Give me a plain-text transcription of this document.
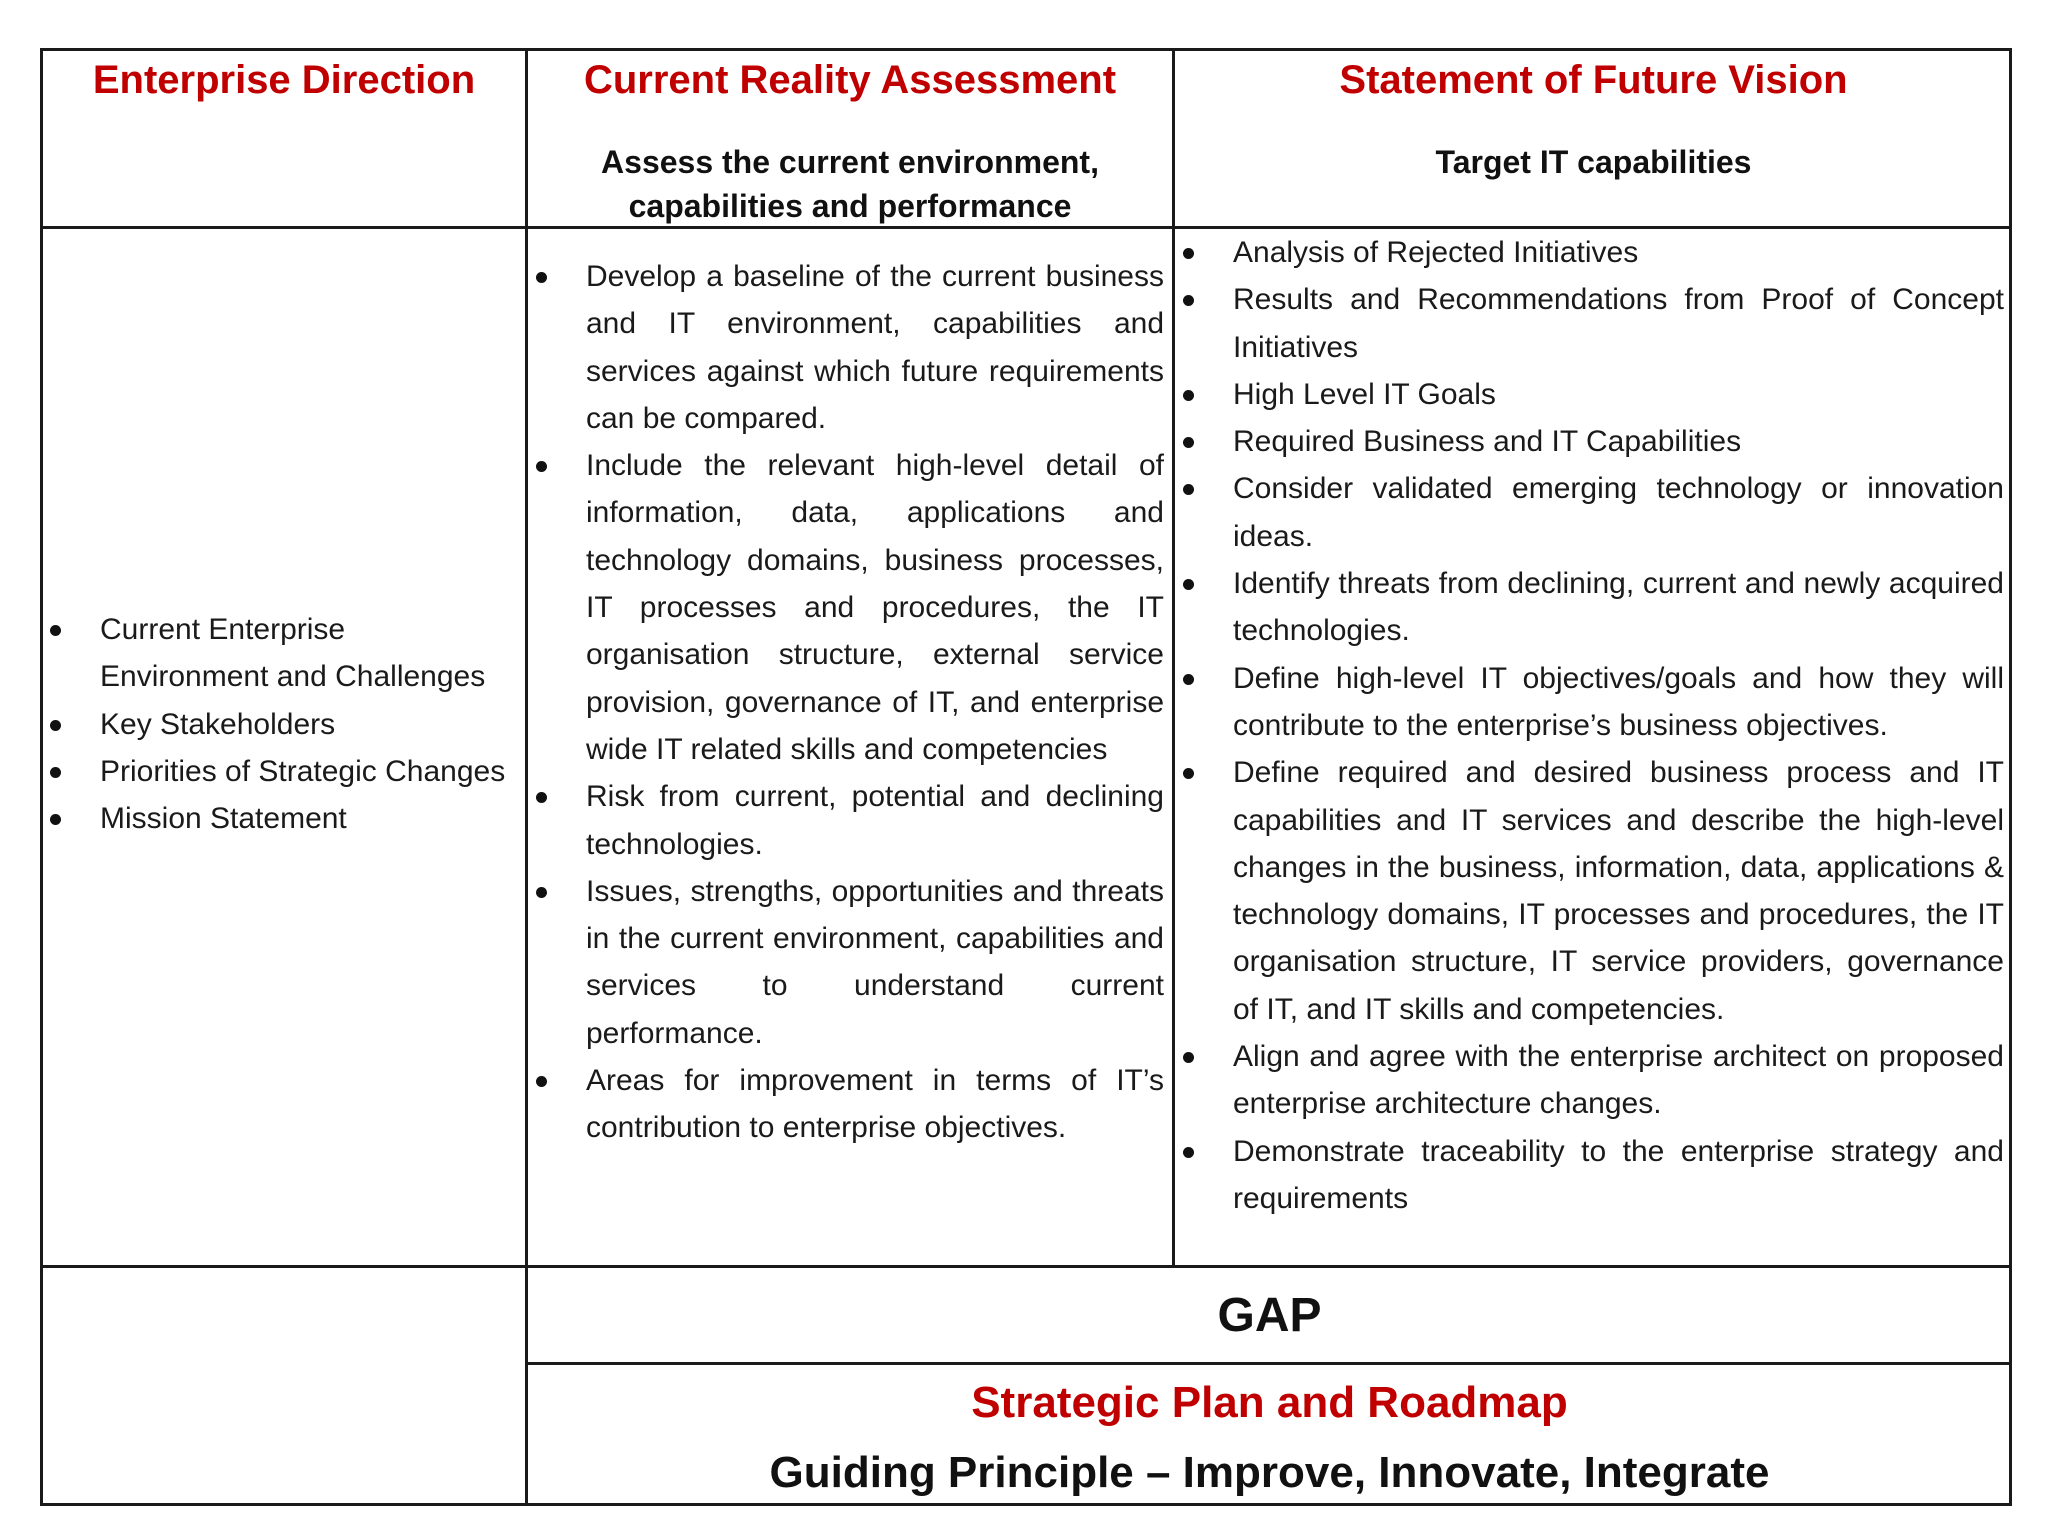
Enterprise Direction	Current Reality Assessment
Assess the current environment, capabilities and performance
Statement of Future Vision
Target IT capabilities
Current Enterprise Environment and Challenges
Key Stakeholders
Priorities of Strategic Changes
Mission Statement
Develop a baseline of the current business and IT environment, capabilities and services against which future requirements can be compared.
Include the relevant high-level detail of information, data, applications and technology domains, business processes, IT processes and procedures, the IT organisation structure, external service provision, governance of IT, and enterprise wide IT related skills and competencies
Risk from current, potential and declining technologies.
Issues, strengths, opportunities and threats in the current environment, capabilities and services to understand current performance.
Areas for improvement in terms of IT’s contribution to enterprise objectives.
Analysis of Rejected Initiatives
Results and Recommendations from Proof of Concept Initiatives
High Level IT Goals
Required Business and IT Capabilities
Consider validated emerging technology or innovation ideas.
Identify threats from declining, current and newly acquired technologies.
Define high-level IT objectives/goals and how they will contribute to the enterprise’s business objectives.
Define required and desired business process and IT capabilities and IT services and describe the high-level changes in the business, information, data, applications & technology domains, IT processes and procedures, the IT organisation structure, IT service providers, governance of IT, and IT skills and competencies.
Align and agree with the enterprise architect on proposed enterprise architecture changes.
Demonstrate traceability to the enterprise strategy and requirements
GAP
Strategic Plan and Roadmap
Guiding Principle – Improve, Innovate, Integrate
